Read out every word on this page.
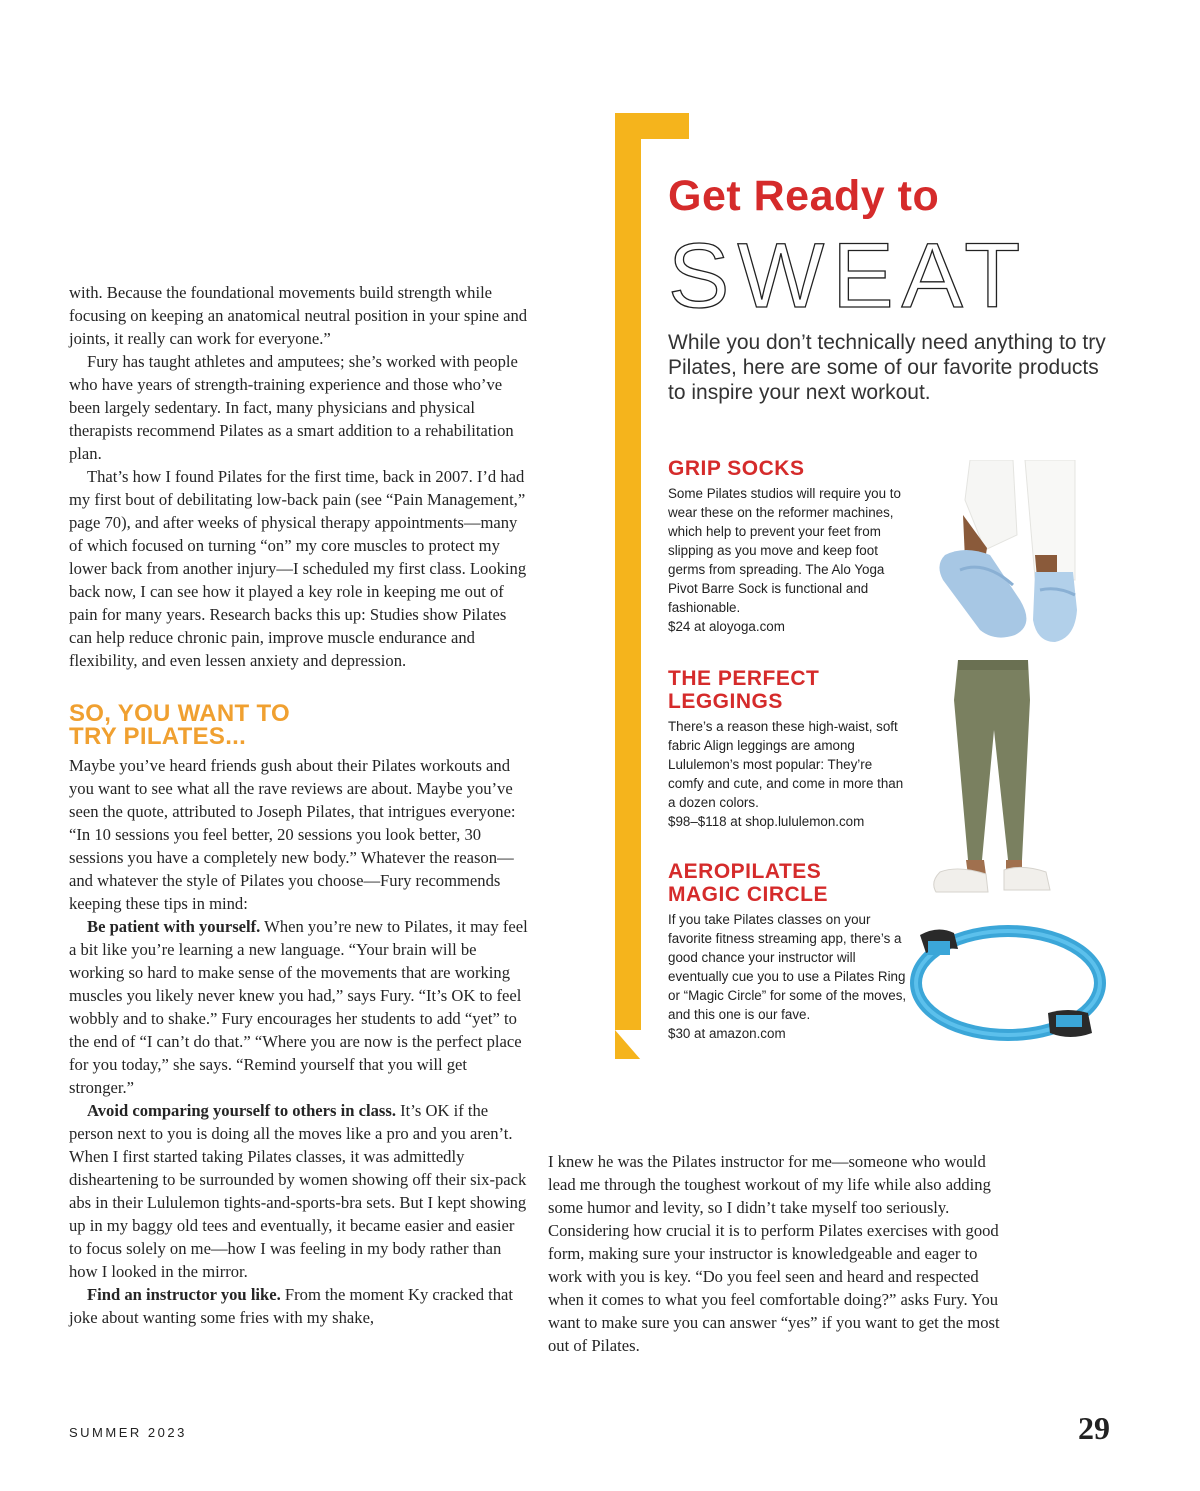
with. Because the foundational movements build strength while focusing on keeping an anatomical neutral position in your spine and joints, it really can work for everyone.”

Fury has taught athletes and amputees; she’s worked with people who have years of strength-training experience and those who’ve been largely sedentary. In fact, many physicians and physical therapists recommend Pilates as a smart addition to a rehabilitation plan.

That’s how I found Pilates for the first time, back in 2007. I’d had my first bout of debilitating low-back pain (see “Pain Management,” page 70), and after weeks of physical therapy appointments—many of which focused on turning “on” my core muscles to protect my lower back from another injury—I scheduled my first class. Looking back now, I can see how it played a key role in keeping me out of pain for many years. Research backs this up: Studies show Pilates can help reduce chronic pain, improve muscle endurance and flexibility, and even lessen anxiety and depression.

SO, YOU WANT TO
TRY PILATES...

Maybe you’ve heard friends gush about their Pilates workouts and you want to see what all the rave reviews are about. Maybe you’ve seen the quote, attributed to Joseph Pilates, that intrigues everyone: “In 10 sessions you feel better, 20 sessions you look better, 30 sessions you have a completely new body.” Whatever the reason—and whatever the style of Pilates you choose—Fury recommends keeping these tips in mind:

Be patient with yourself. When you’re new to Pilates, it may feel a bit like you’re learning a new language. “Your brain will be working so hard to make sense of the movements that are working muscles you likely never knew you had,” says Fury. “It’s OK to feel wobbly and to shake.” Fury encourages her students to add “yet” to the end of “I can’t do that.” “Where you are now is the perfect place for you today,” she says. “Remind yourself that you will get stronger.”

Avoid comparing yourself to others in class. It’s OK if the person next to you is doing all the moves like a pro and you aren’t. When I first started taking Pilates classes, it was admittedly disheartening to be surrounded by women showing off their six-pack abs in their Lululemon tights-and-sports-bra sets. But I kept showing up in my baggy old tees and eventually, it became easier and easier to focus solely on me—how I was feeling in my body rather than how I looked in the mirror.

Find an instructor you like. From the moment Ky cracked that joke about wanting some fries with my shake,

I knew he was the Pilates instructor for me—someone who would lead me through the toughest workout of my life while also adding some humor and levity, so I didn’t take myself too seriously. Considering how crucial it is to perform Pilates exercises with good form, making sure your instructor is knowledgeable and eager to work with you is key. “Do you feel seen and heard and respected when it comes to what you feel comfortable doing?” asks Fury. You want to make sure you can answer “yes” if you want to get the most out of Pilates.

Get Ready to
SWEAT
While you don’t technically need anything to try Pilates, here are some of our favorite products to inspire your next workout.
GRIP SOCKS
Some Pilates studios will require you to wear these on the reformer machines, which help to prevent your feet from slipping as you move and keep foot germs from spreading. The Alo Yoga Pivot Barre Sock is functional and fashionable.
$24 at aloyoga.com
THE PERFECT
LEGGINGS
There’s a reason these high-waist, soft fabric Align leggings are among Lululemon’s most popular: They’re comfy and cute, and come in more than a dozen colors.
$98–$118 at shop.lululemon.com
AEROPILATES
MAGIC CIRCLE
If you take Pilates classes on your favorite fitness streaming app, there’s a good chance your instructor will eventually cue you to use a Pilates Ring or “Magic Circle” for some of the moves, and this one is our fave.
$30 at amazon.com
SUMMER 2023	29
